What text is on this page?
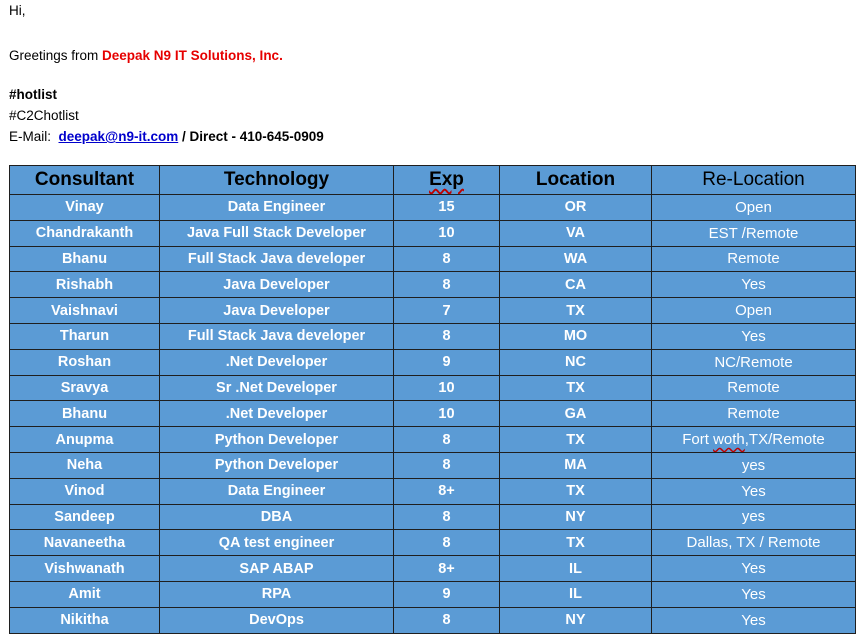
Hi,
Greetings from Deepak N9 IT Solutions, Inc.
#hotlist
#C2Chotlist
E-Mail:  deepak@n9-it.com / Direct - 410-645-0909
Consultant	Technology	Exp	Location	Re-Location
Vinay	Data Engineer	15	OR	Open
Chandrakanth	Java Full Stack Developer	10	VA	EST /Remote
Bhanu	Full Stack Java developer	8	WA	Remote
Rishabh	Java Developer	8	CA	Yes
Vaishnavi	Java Developer	7	TX	Open
Tharun	Full Stack Java developer	8	MO	Yes
Roshan	.Net Developer	9	NC	NC/Remote
Sravya	Sr .Net Developer	10	TX	Remote
Bhanu	.Net Developer	10	GA	Remote
Anupma	Python Developer	8	TX	Fort woth,TX/Remote
Neha	Python Developer	8	MA	yes
Vinod	Data Engineer	8+	TX	Yes
Sandeep	DBA	8	NY	yes
Navaneetha	QA test engineer	8	TX	Dallas, TX / Remote
Vishwanath	SAP ABAP	8+	IL	Yes
Amit	RPA	9	IL	Yes
Nikitha	DevOps	8	NY	Yes
